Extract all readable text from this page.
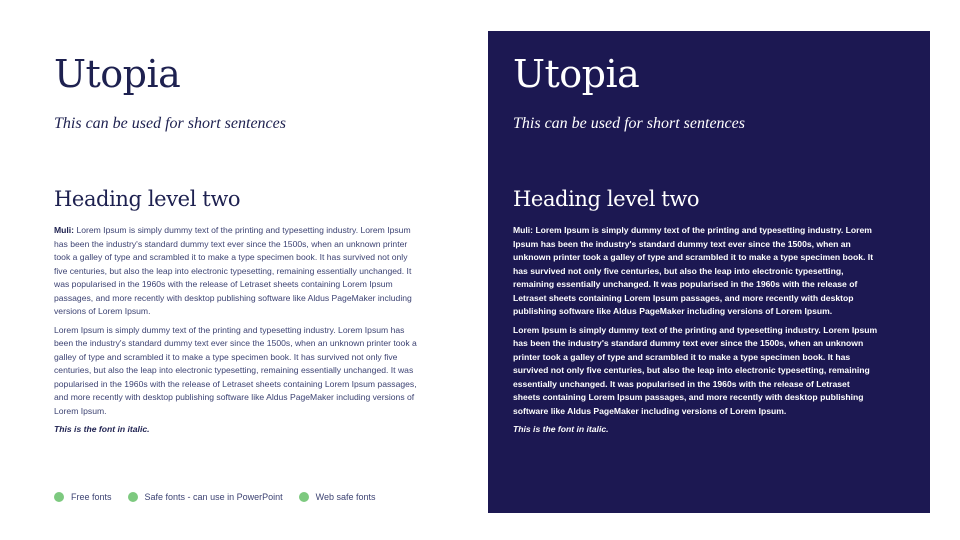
Utopia

This can be used for short sentences

Heading level two

Muli: Lorem Ipsum is simply dummy text of the printing and typesetting industry. Lorem Ipsum has been the industry's standard dummy text ever since the 1500s, when an unknown printer took a galley of type and scrambled it to make a type specimen book. It has survived not only five centuries, but also the leap into electronic typesetting, remaining essentially unchanged. It was popularised in the 1960s with the release of Letraset sheets containing Lorem Ipsum passages, and more recently with desktop publishing software like Aldus PageMaker including versions of Lorem Ipsum.

Lorem Ipsum is simply dummy text of the printing and typesetting industry. Lorem Ipsum has been the industry's standard dummy text ever since the 1500s, when an unknown printer took a galley of type and scrambled it to make a type specimen book. It has survived not only five centuries, but also the leap into electronic typesetting, remaining essentially unchanged. It was popularised in the 1960s with the release of Letraset sheets containing Lorem Ipsum passages, and more recently with desktop publishing software like Aldus PageMaker including versions of Lorem Ipsum.

This is the font in italic.

Free fonts	Safe fonts - can use in PowerPoint	Web safe fonts
Utopia

This can be used for short sentences

Heading level two

Muli: Lorem Ipsum is simply dummy text of the printing and typesetting industry. Lorem Ipsum has been the industry's standard dummy text ever since the 1500s, when an unknown printer took a galley of type and scrambled it to make a type specimen book. It has survived not only five centuries, but also the leap into electronic typesetting, remaining essentially unchanged. It was popularised in the 1960s with the release of Letraset sheets containing Lorem Ipsum passages, and more recently with desktop publishing software like Aldus PageMaker including versions of Lorem Ipsum.

Lorem Ipsum is simply dummy text of the printing and typesetting industry. Lorem Ipsum has been the industry's standard dummy text ever since the 1500s, when an unknown printer took a galley of type and scrambled it to make a type specimen book. It has survived not only five centuries, but also the leap into electronic typesetting, remaining essentially unchanged. It was popularised in the 1960s with the release of Letraset sheets containing Lorem Ipsum passages, and more recently with desktop publishing software like Aldus PageMaker including versions of Lorem Ipsum.

This is the font in italic.
